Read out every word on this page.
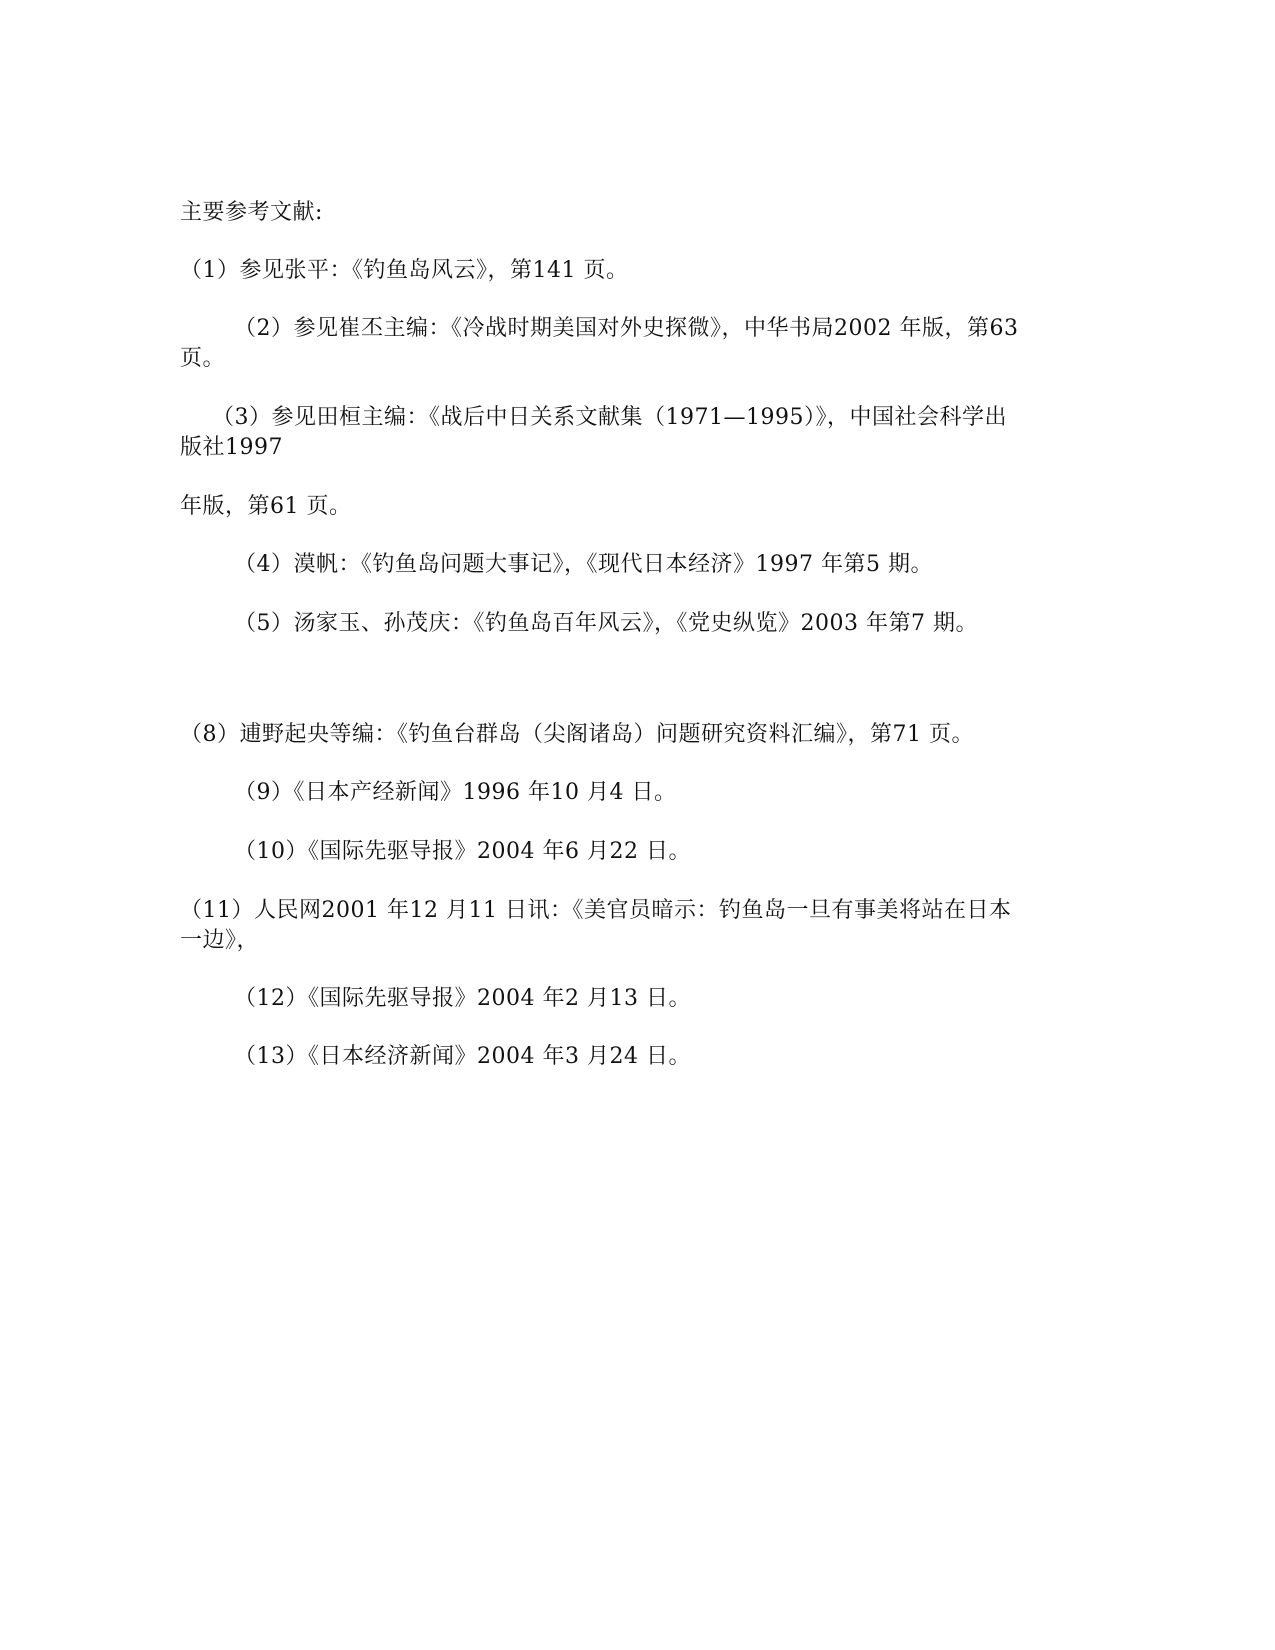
主要参考文献:
（1）参见张平：《钓鱼岛风云》，第141 页。
（2）参见崔丕主编：《冷战时期美国对外史探微》，中华书局2002 年版，第63
页。
（3）参见田桓主编：《战后中日关系文献集（1971—1995）》，中国社会科学出
版社1997
年版，第61 页。
（4）漠帆：《钓鱼岛问题大事记》，《现代日本经济》1997 年第5 期。
（5）汤家玉、孙茂庆：《钓鱼岛百年风云》，《党史纵览》2003 年第7 期。
（8）逋野起央等编：《钓鱼台群岛（尖阁诸岛）问题研究资料汇编》，第71 页。
（9）《日本产经新闻》1996 年10 月4 日。
（10）《国际先驱导报》2004 年6 月22 日。
（11）人民网2001 年12 月11 日讯：《美官员暗示：钓鱼岛一旦有事美将站在日本
一边》，
（12）《国际先驱导报》2004 年2 月13 日。
（13）《日本经济新闻》2004 年3 月24 日。
